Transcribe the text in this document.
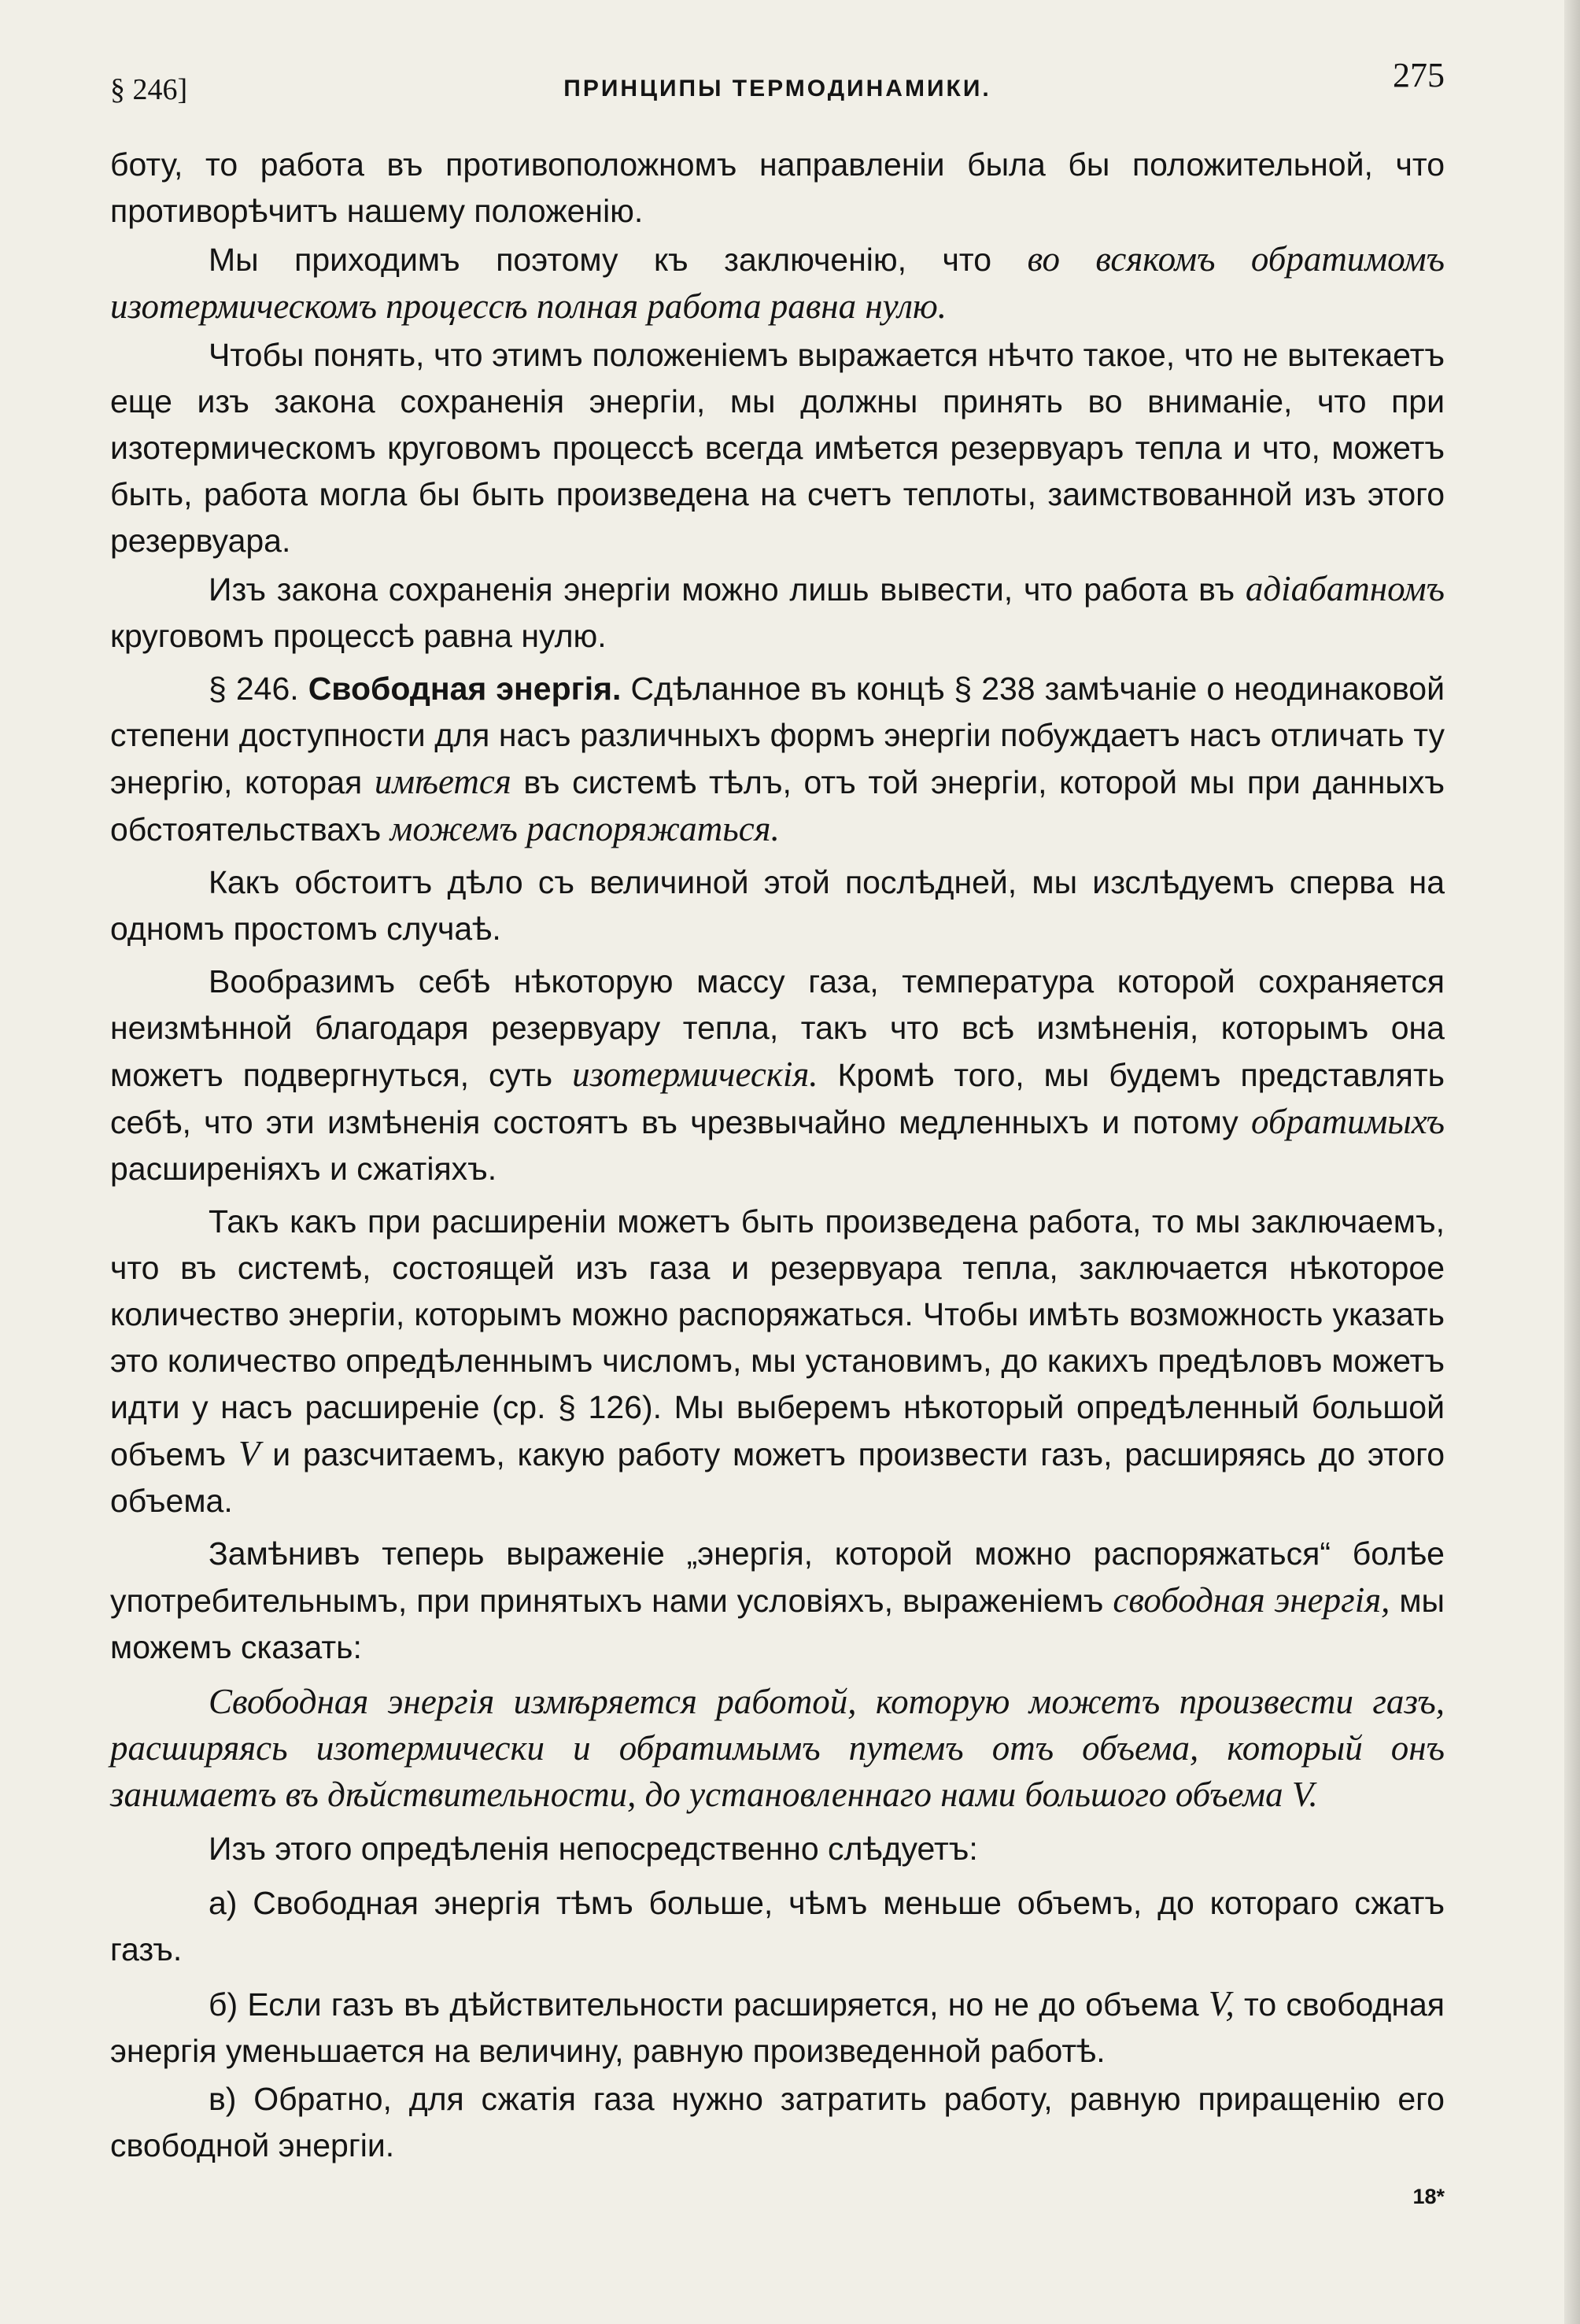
§ 246]	ПРИНЦИПЫ ТЕРМОДИНАМИКИ.	275

боту, то работа въ противоположномъ направленіи была бы положительной, что противорѣчитъ нашему положенію.

Мы приходимъ поэтому къ заключенію, что во всякомъ обратимомъ изотермическомъ процессѣ полная работа равна нулю.

Чтобы понять, что этимъ положеніемъ выражается нѣчто такое, что не вытекаетъ еще изъ закона сохраненія энергіи, мы должны принять во вниманіе, что при изотермическомъ круговомъ процессѣ всегда имѣется резервуаръ тепла и что, можетъ быть, работа могла бы быть произведена на счетъ теплоты, заимствованной изъ этого резервуара.

Изъ закона сохраненія энергіи можно лишь вывести, что работа въ адіабатномъ круговомъ процессѣ равна нулю.

§ 246. Свободная энергія. Сдѣланное въ концѣ § 238 замѣчаніе о неодинаковой степени доступности для насъ различныхъ формъ энергіи побуждаетъ насъ отличать ту энергію, которая имѣется въ системѣ тѣлъ, отъ той энергіи, которой мы при данныхъ обстоятельствахъ можемъ распоряжаться.

Какъ обстоитъ дѣло съ величиной этой послѣдней, мы изслѣдуемъ сперва на одномъ простомъ случаѣ.

Вообразимъ себѣ нѣкоторую массу газа, температура которой сохраняется неизмѣнной благодаря резервуару тепла, такъ что всѣ измѣненія, которымъ она можетъ подвергнуться, суть изотермическія. Кромѣ того, мы будемъ представлять себѣ, что эти измѣненія состоятъ въ чрезвычайно медленныхъ и потому обратимыхъ расширеніяхъ и сжатіяхъ.

Такъ какъ при расширеніи можетъ быть произведена работа, то мы заключаемъ, что въ системѣ, состоящей изъ газа и резервуара тепла, заключается нѣкоторое количество энергіи, которымъ можно распоряжаться. Чтобы имѣть возможность указать это количество опредѣленнымъ числомъ, мы установимъ, до какихъ предѣловъ можетъ идти у насъ расширеніе (ср. § 126). Мы выберемъ нѣкоторый опредѣленный большой объемъ V и разсчитаемъ, какую работу можетъ произвести газъ, расширяясь до этого объема.

Замѣнивъ теперь выраженіе „энергія, которой можно распоряжаться“ болѣе употребительнымъ, при принятыхъ нами условіяхъ, выраженіемъ свободная энергія, мы можемъ сказать:

Свободная энергія измѣряется работой, которую можетъ произвести газъ, расширяясь изотермически и обратимымъ путемъ отъ объема, который онъ занимаетъ въ дѣйствительности, до установленнаго нами большого объема V.

Изъ этого опредѣленія непосредственно слѣдуетъ:

а) Свободная энергія тѣмъ больше, чѣмъ меньше объемъ, до котораго сжатъ газъ.

б) Если газъ въ дѣйствительности расширяется, но не до объема V, то свободная энергія уменьшается на величину, равную произведенной работѣ.

в) Обратно, для сжатія газа нужно затратить работу, равную приращенію его свободной энергіи.

18*
